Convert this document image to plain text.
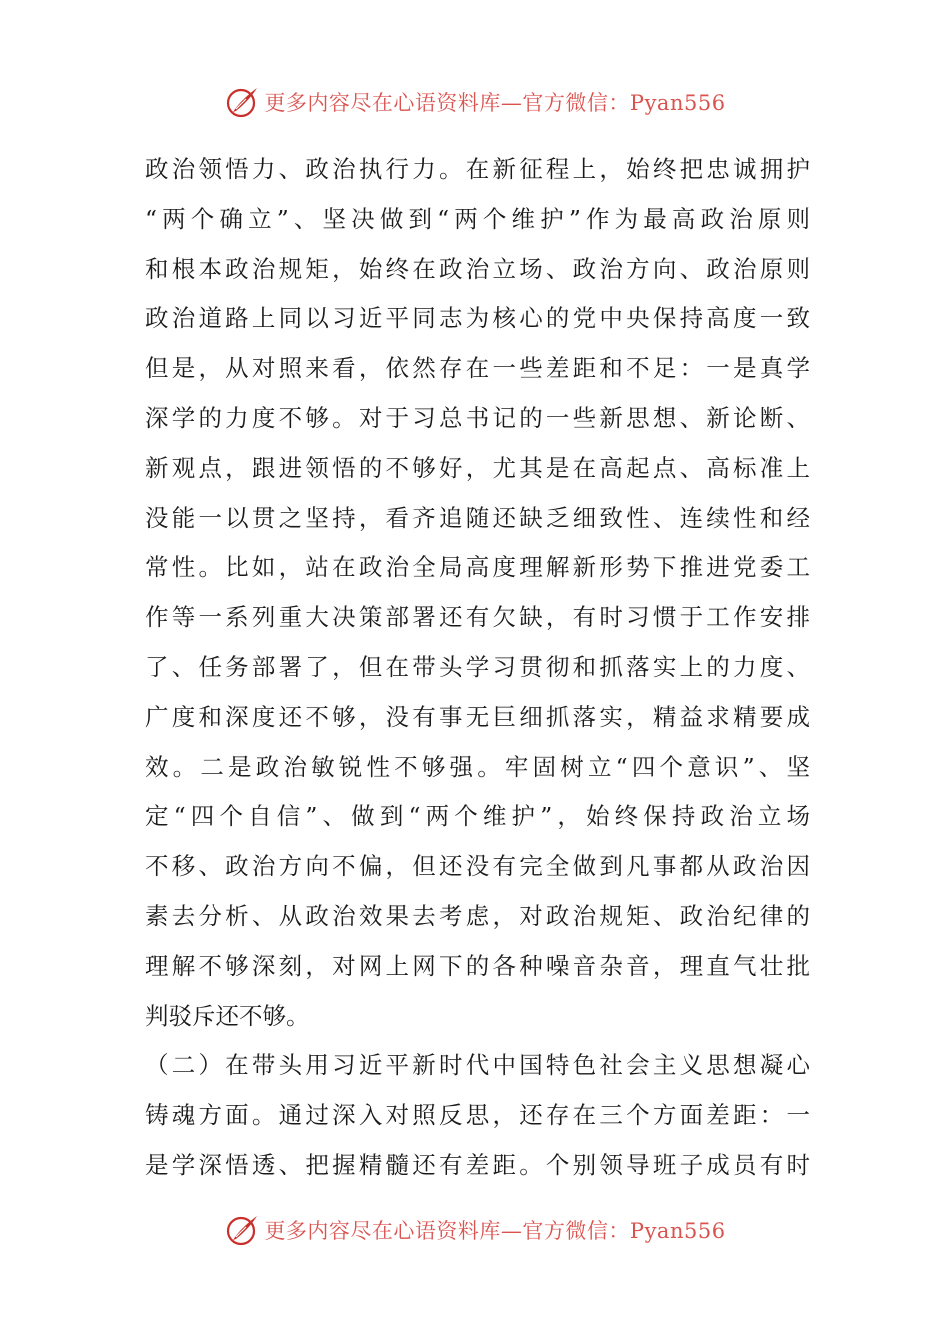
更多内容尽在心语资料库—官方微信：Pyan556
政治领悟力、政治执行力。在新征程上，始终把忠诚拥护
“两个确立”、坚决做到“两个维护”作为最高政治原则
和根本政治规矩，始终在政治立场、政治方向、政治原则
政治道路上同以习近平同志为核心的党中央保持高度一致
但是，从对照来看，依然存在一些差距和不足：一是真学
深学的力度不够。对于习总书记的一些新思想、新论断、
新观点，跟进领悟的不够好，尤其是在高起点、高标准上
没能一以贯之坚持，看齐追随还缺乏细致性、连续性和经
常性。比如，站在政治全局高度理解新形势下推进党委工
作等一系列重大决策部署还有欠缺，有时习惯于工作安排
了、任务部署了，但在带头学习贯彻和抓落实上的力度、
广度和深度还不够，没有事无巨细抓落实，精益求精要成
效。二是政治敏锐性不够强。牢固树立“四个意识”、坚
定“四个自信”、做到“两个维护”，始终保持政治立场
不移、政治方向不偏，但还没有完全做到凡事都从政治因
素去分析、从政治效果去考虑，对政治规矩、政治纪律的
理解不够深刻，对网上网下的各种噪音杂音，理直气壮批
判驳斥还不够。
（二）在带头用习近平新时代中国特色社会主义思想凝心
铸魂方面。通过深入对照反思，还存在三个方面差距：一
是学深悟透、把握精髓还有差距。个别领导班子成员有时
更多内容尽在心语资料库—官方微信：Pyan556
